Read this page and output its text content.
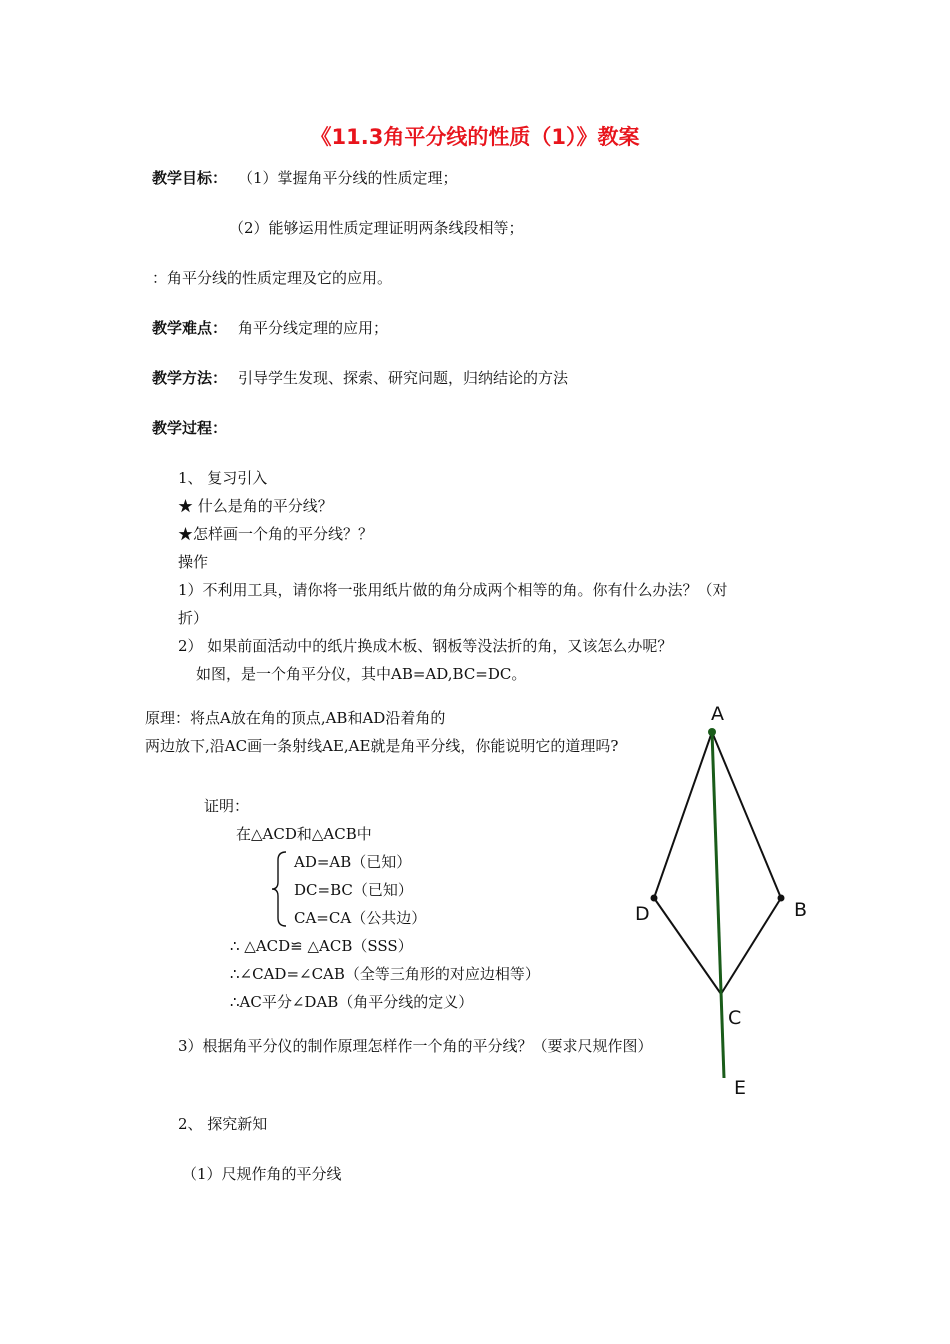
《11.3角平分线的性质（1）》教案
教学目标： （1）掌握角平分线的性质定理；
（2）能够运用性质定理证明两条线段相等；
：角平分线的性质定理及它的应用。
教学难点： 角平分线定理的应用；
教学方法： 引导学生发现、探索、研究问题，归纳结论的方法
教学过程：
1、 复习引入
★ 什么是角的平分线？
★怎样画一个角的平分线？？
操作
1）不利用工具，请你将一张用纸片做的角分成两个相等的角。你有什么办法？（对
折）
2） 如果前面活动中的纸片换成木板、钢板等没法折的角，又该怎么办呢？
如图，是一个角平分仪，其中AB=AD,BC=DC。
原理：将点A放在角的顶点,AB和AD沿着角的
两边放下,沿AC画一条射线AE,AE就是角平分线，你能说明它的道理吗?
证明：
在△ACD和△ACB中
AD=AB（已知）
DC=BC（已知）
CA=CA（公共边）
∴ △ACD≌ △ACB（SSS）
∴∠CAD=∠CAB（全等三角形的对应边相等）
∴AC平分∠DAB（角平分线的定义）
3）根据角平分仪的制作原理怎样作一个角的平分线？（要求尺规作图）
2、 探究新知
（1）尺规作角的平分线
A
D	B
C
E
